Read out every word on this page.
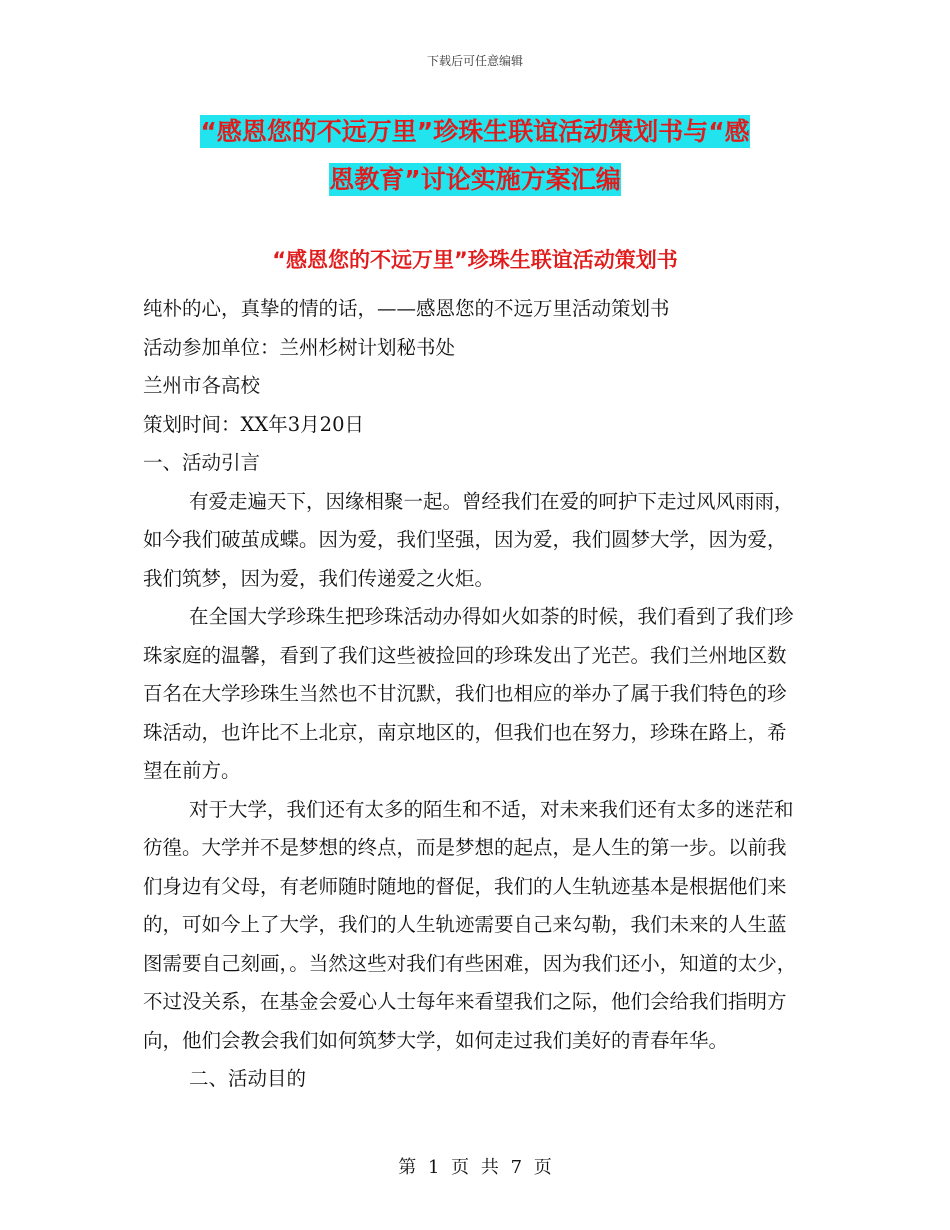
下载后可任意编辑
“感恩您的不远万里”珍珠生联谊活动策划书与“感
恩教育”讨论实施方案汇编
“感恩您的不远万里”珍珠生联谊活动策划书

纯朴的心，真挚的情的话，——感恩您的不远万里活动策划书

活动参加单位：兰州杉树计划秘书处

兰州市各高校

策划时间：XX年3月20日

一、活动引言

有爱走遍天下，因缘相聚一起。曾经我们在爱的呵护下走过风风雨雨，如今我们破茧成蝶。因为爱，我们坚强，因为爱，我们圆梦大学，因为爱，我们筑梦，因为爱，我们传递爱之火炬。

在全国大学珍珠生把珍珠活动办得如火如荼的时候，我们看到了我们珍珠家庭的温馨，看到了我们这些被捡回的珍珠发出了光芒。我们兰州地区数百名在大学珍珠生当然也不甘沉默，我们也相应的举办了属于我们特色的珍珠活动，也许比不上北京，南京地区的，但我们也在努力，珍珠在路上，希望在前方。

对于大学，我们还有太多的陌生和不适，对未来我们还有太多的迷茫和彷徨。大学并不是梦想的终点，而是梦想的起点，是人生的第一步。以前我们身边有父母，有老师随时随地的督促，我们的人生轨迹基本是根据他们来的，可如今上了大学，我们的人生轨迹需要自己来勾勒，我们未来的人生蓝图需要自己刻画，。当然这些对我们有些困难，因为我们还小，知道的太少，不过没关系，在基金会爱心人士每年来看望我们之际，他们会给我们指明方向，他们会教会我们如何筑梦大学，如何走过我们美好的青春年华。

二、活动目的

第 1 页 共 7 页
